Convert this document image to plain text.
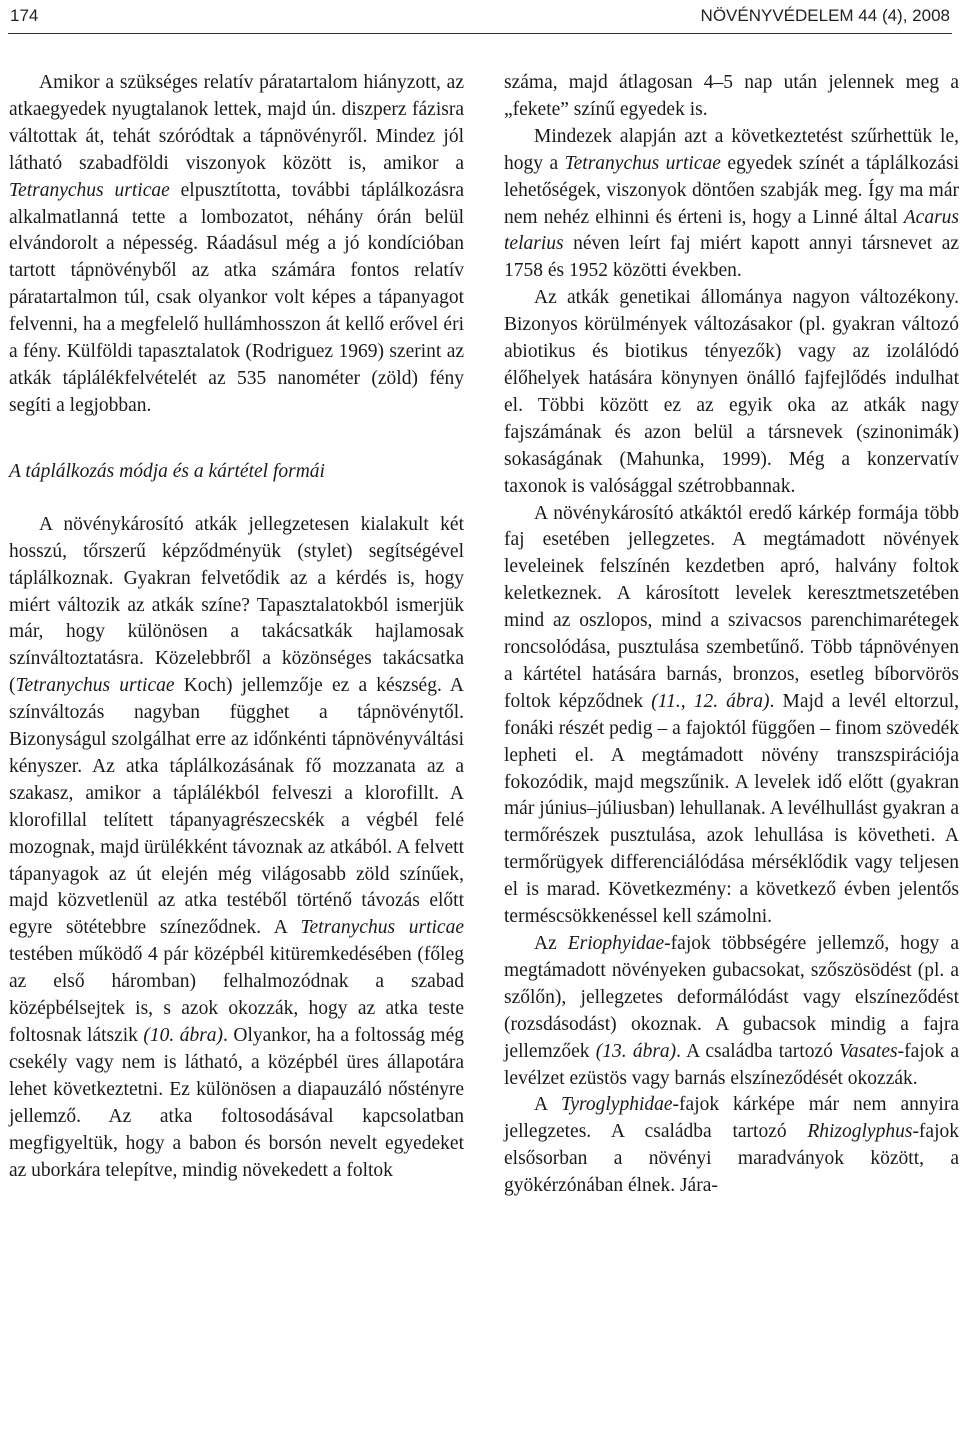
174	NÖVÉNYVÉDELEM 44 (4), 2008

Amikor a szükséges relatív páratartalom hiányzott, az atkaegyedek nyugtalanok lettek, majd ún. diszperz fázisra váltottak át, tehát szóródtak a tápnövényről. Mindez jól látható szabadföldi viszonyok között is, amikor a Tetranychus urticae elpusztította, további táplálkozásra alkalmatlanná tette a lombozatot, néhány órán belül elvándorolt a népesség. Ráadásul még a jó kondícióban tartott tápnövényből az atka számára fontos relatív páratartalmon túl, csak olyankor volt képes a tápanyagot felvenni, ha a megfelelő hullámhosszon át kellő erővel éri a fény. Külföldi tapasztalatok (Rodriguez 1969) szerint az atkák táplálékfelvételét az 535 nanométer (zöld) fény segíti a legjobban.

A táplálkozás módja és a kártétel formái

A növénykárosító atkák jellegzetesen kialakult két hosszú, tőrszerű képződményük (stylet) segítségével táplálkoznak. Gyakran felvetődik az a kérdés is, hogy miért változik az atkák színe? Tapasztalatokból ismerjük már, hogy különösen a takácsatkák hajlamosak színváltoztatásra. Közelebbről a közönséges takácsatka (Tetranychus urticae Koch) jellemzője ez a készség. A színváltozás nagyban függhet a tápnövénytől. Bizonyságul szolgálhat erre az időnkénti tápnövényváltási kényszer. Az atka táplálkozásának fő mozzanata az a szakasz, amikor a táplálékból felveszi a klorofillt. A klorofillal telített tápanyagrészecskék a végbél felé mozognak, majd ürülékként távoznak az atkából. A felvett tápanyagok az út elején még világosabb zöld színűek, majd közvetlenül az atka testéből történő távozás előtt egyre sötétebbre színeződnek. A Tetranychus urticae testében működő 4 pár középbél kitüremkedésében (főleg az első háromban) felhalmozódnak a szabad középbélsejtek is, s azok okozzák, hogy az atka teste foltosnak látszik (10. ábra). Olyankor, ha a foltosság még csekély vagy nem is látható, a középbél üres állapotára lehet következtetni. Ez különösen a diapauzáló nőstényre jellemző. Az atka foltosodásával kapcsolatban megfigyeltük, hogy a babon és borsón nevelt egyedeket az uborkára telepítve, mindig növekedett a foltok

száma, majd átlagosan 4–5 nap után jelennek meg a „fekete” színű egyedek is.

Mindezek alapján azt a következtetést szűrhettük le, hogy a Tetranychus urticae egyedek színét a táplálkozási lehetőségek, viszonyok döntően szabják meg. Így ma már nem nehéz elhinni és érteni is, hogy a Linné által Acarus telarius néven leírt faj miért kapott annyi társnevet az 1758 és 1952 közötti években.

Az atkák genetikai állománya nagyon változékony. Bizonyos körülmények változásakor (pl. gyakran változó abiotikus és biotikus tényezők) vagy az izolálódó élőhelyek hatására könynyen önálló fajfejlődés indulhat el. Többi között ez az egyik oka az atkák nagy fajszámának és azon belül a társnevek (szinonimák) sokaságának (Mahunka, 1999). Még a konzervatív taxonok is valósággal szétrobbannak.

A növénykárosító atkáktól eredő kárkép formája több faj esetében jellegzetes. A megtámadott növények leveleinek felszínén kezdetben apró, halvány foltok keletkeznek. A károsított levelek keresztmetszetében mind az oszlopos, mind a szivacsos parenchimarétegek roncsolódása, pusztulása szembetűnő. Több tápnövényen a kártétel hatására barnás, bronzos, esetleg bíborvörös foltok képződnek (11., 12. ábra). Majd a levél eltorzul, fonáki részét pedig – a fajoktól függően – finom szövedék lepheti el. A megtámadott növény transzspirációja fokozódik, majd megszűnik. A levelek idő előtt (gyakran már június–júliusban) lehullanak. A levélhullást gyakran a termőrészek pusztulása, azok lehullása is követheti. A termőrügyek differenciálódása mérséklődik vagy teljesen el is marad. Következmény: a következő évben jelentős terméscsökkenéssel kell számolni.

Az Eriophyidae-fajok többségére jellemző, hogy a megtámadott növényeken gubacsokat, szőszösödést (pl. a szőlőn), jellegzetes deformálódást vagy elszíneződést (rozsdásodást) okoznak. A gubacsok mindig a fajra jellemzőek (13. ábra). A családba tartozó Vasates-fajok a levélzet ezüstös vagy barnás elszíneződését okozzák.

A Tyroglyphidae-fajok kárképe már nem annyira jellegzetes. A családba tartozó Rhizoglyphus-fajok elsősorban a növényi maradványok között, a gyökérzónában élnek. Jára-
